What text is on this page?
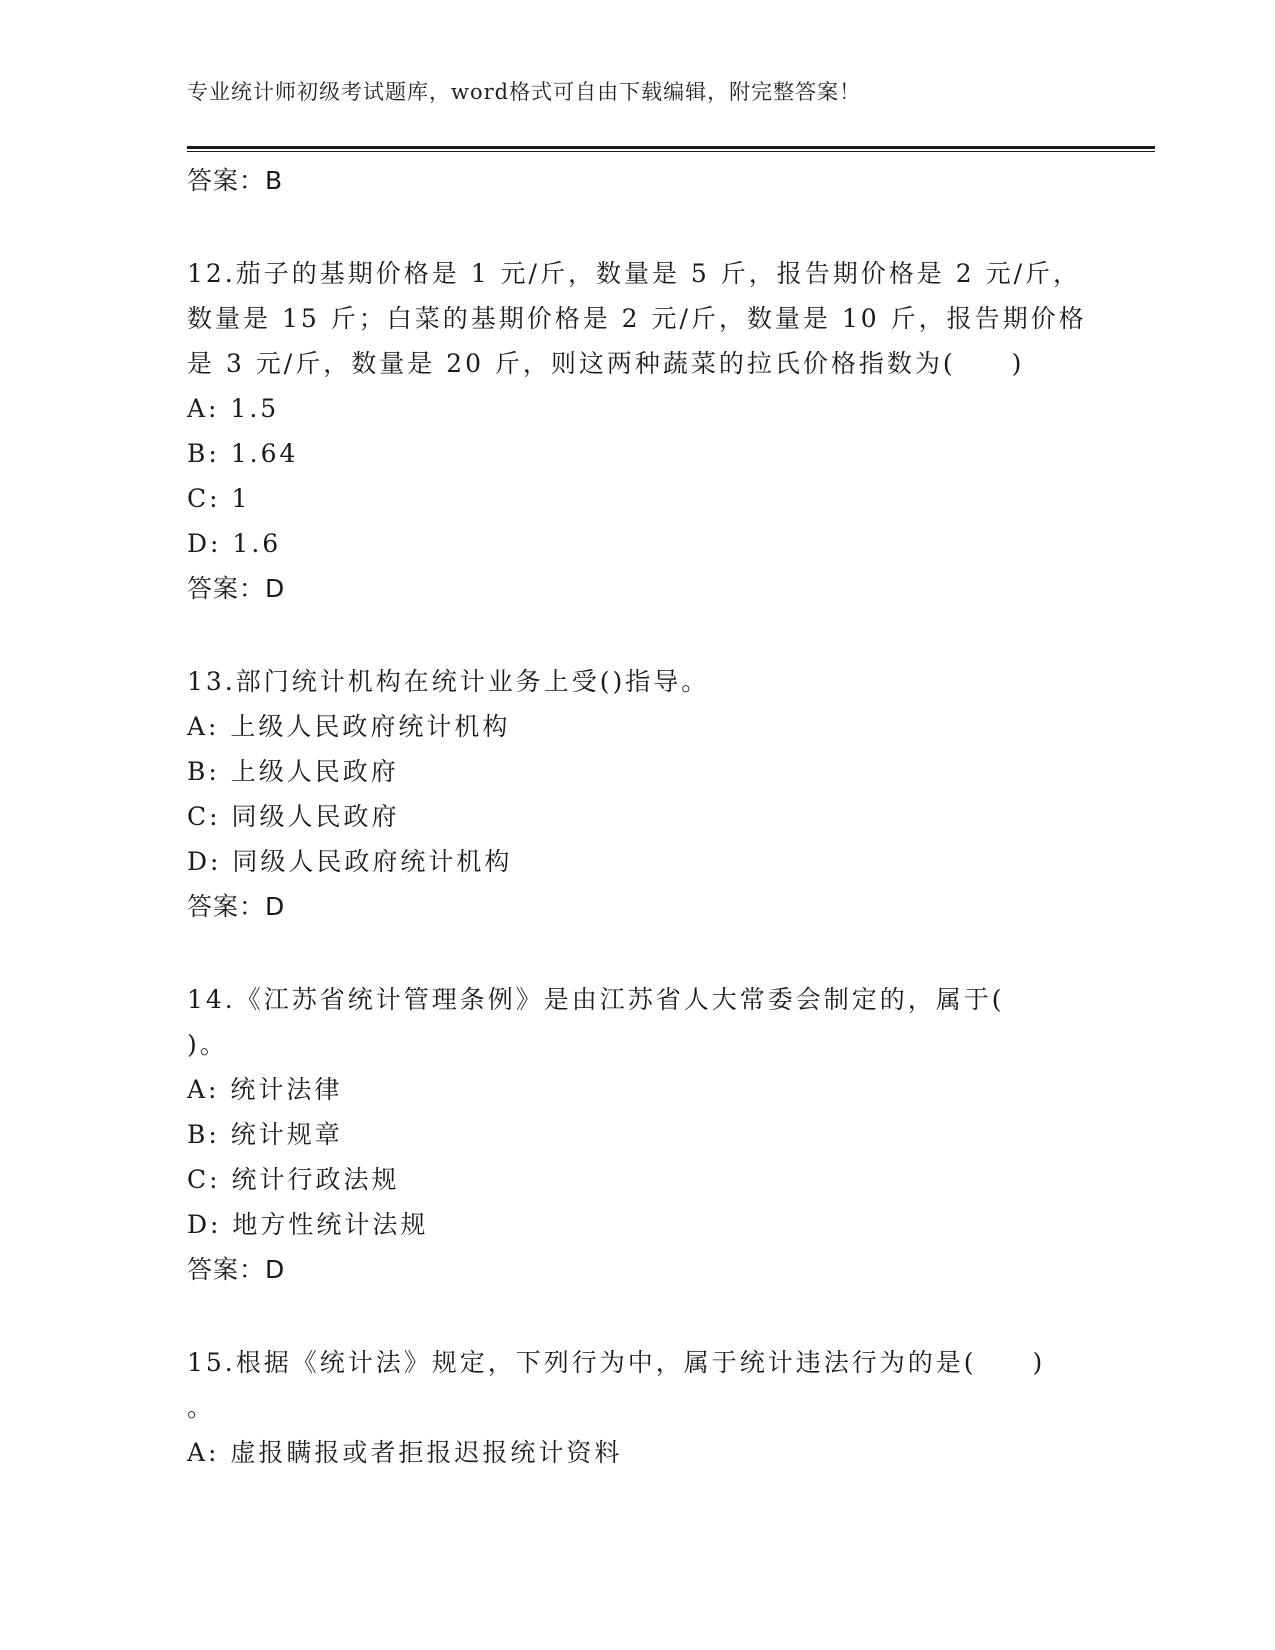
专业统计师初级考试题库，word格式可自由下载编辑，附完整答案！
答案：B
12.茄子的基期价格是 1 元/斤，数量是 5 斤，报告期价格是 2 元/斤，
数量是 15 斤；白菜的基期价格是 2 元/斤，数量是 10 斤，报告期价格
是 3 元/斤，数量是 20 斤，则这两种蔬菜的拉氏价格指数为(　　)
A: 1.5
B: 1.64
C: 1
D: 1.6
答案：D
13.部门统计机构在统计业务上受()指导。
A: 上级人民政府统计机构
B: 上级人民政府
C: 同级人民政府
D: 同级人民政府统计机构
答案：D
14.《江苏省统计管理条例》是由江苏省人大常委会制定的，属于(
)。
A: 统计法律
B: 统计规章
C: 统计行政法规
D: 地方性统计法规
答案：D
15.根据《统计法》规定，下列行为中，属于统计违法行为的是(　　)
。
A: 虚报瞒报或者拒报迟报统计资料
